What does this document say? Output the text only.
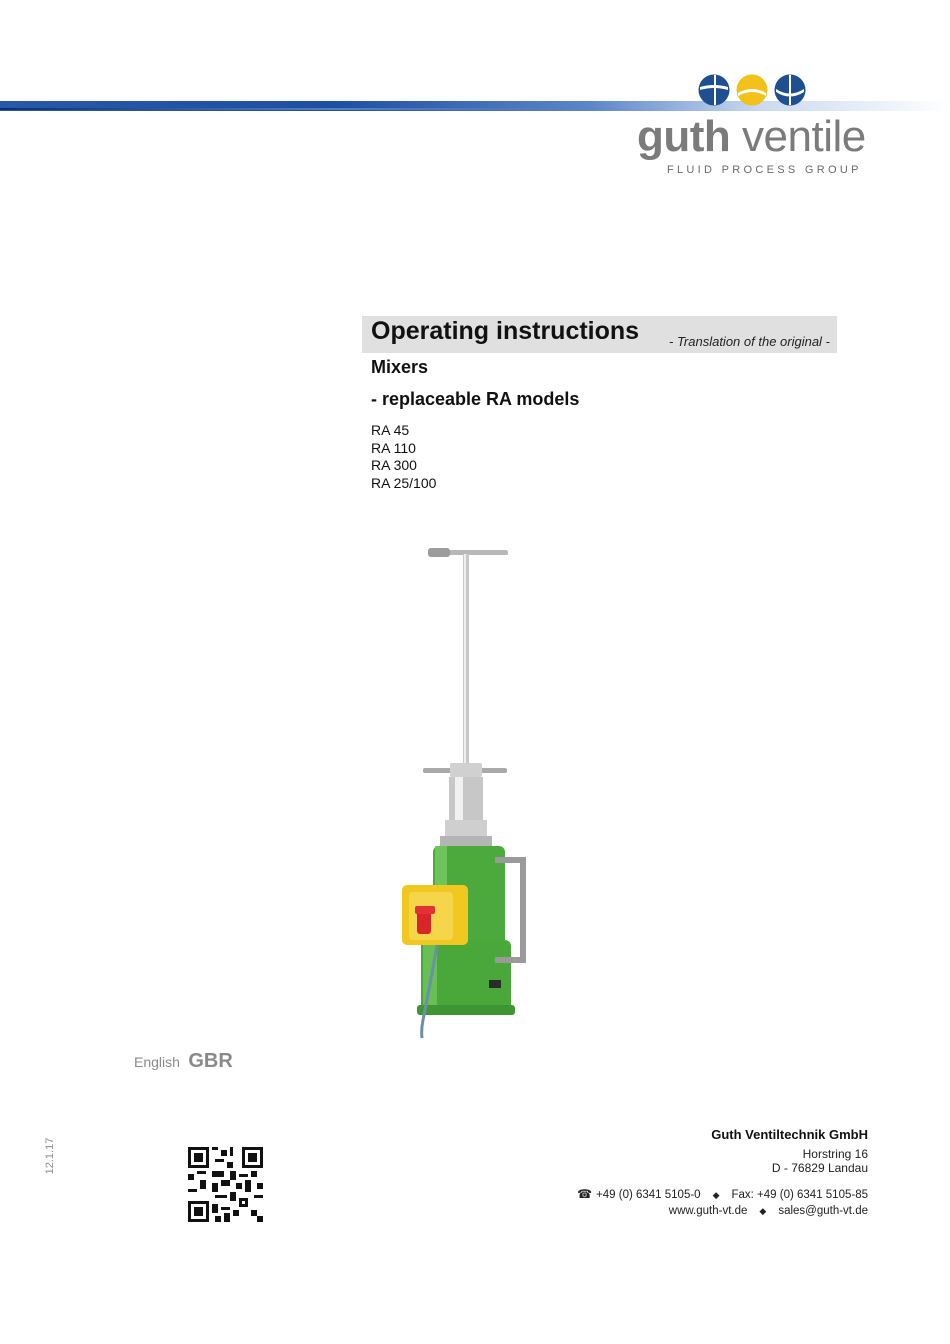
guth ventile
FLUID PROCESS GROUP
Operating instructions - Translation of the original -
Mixers
- replaceable RA models
RA 45
RA 110
RA 300
RA 25/100
English GBR
12.1.17
Guth Ventiltechnik GmbH
Horstring 16
D - 76829 Landau
☎ +49 (0) 6341 5105-0 ◆ Fax: +49 (0) 6341 5105-85
www.guth-vt.de ◆ sales@guth-vt.de
